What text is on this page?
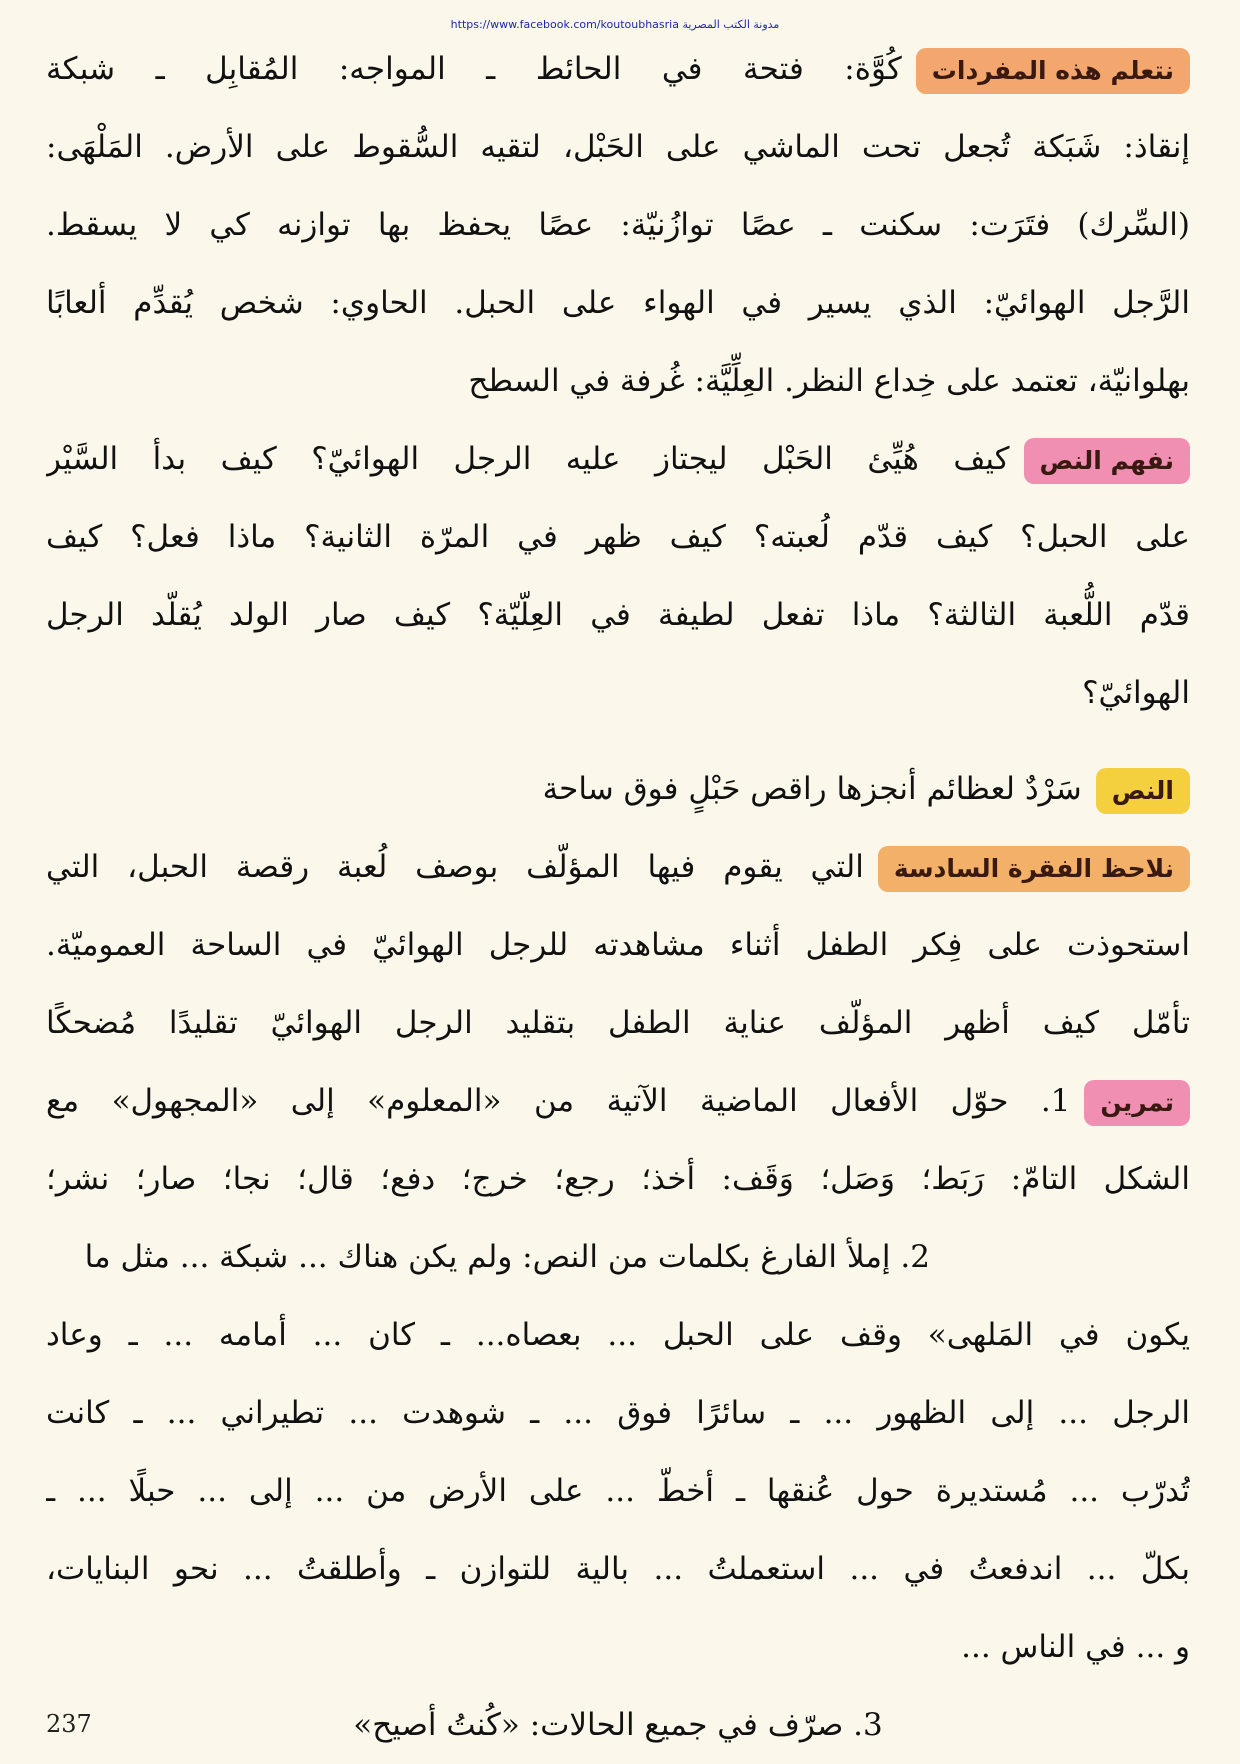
https://www.facebook.com/koutoubhasria مدونة الكتب المصرية
نتعلم هذه المفرداتكُوَّة: فتحة في الحائط ـ المواجه: المُقابِل ـ شبكة
إنقاذ: شَبَكة تُجعل تحت الماشي على الحَبْل، لتقيه السُّقوط على الأرض. المَلْهَى:
(السِّرك) فتَرَت: سكنت ـ عصًا توازُنيّة: عصًا يحفظ بها توازنه كي لا يسقط.
الرَّجل الهوائيّ: الذي يسير في الهواء على الحبل. الحاوي: شخص يُقدِّم ألعابًا
بهلوانيّة، تعتمد على خِداع النظر. العِلِّيَّة: غُرفة في السطح
نفهم النصكيف هُيِّئ الحَبْل ليجتاز عليه الرجل الهوائيّ؟ كيف بدأ السَّيْر
على الحبل؟ كيف قدّم لُعبته؟ كيف ظهر في المرّة الثانية؟ ماذا فعل؟ كيف
قدّم اللُّعبة الثالثة؟ ماذا تفعل لطيفة في العِلّيّة؟ كيف صار الولد يُقلّد الرجل
الهوائيّ؟
النصسَرْدٌ لعظائم أنجزها راقص حَبْلٍ فوق ساحة
نلاحظ الفقرة السادسةالتي يقوم فيها المؤلّف بوصف لُعبة رقصة الحبل، التي
استحوذت على فِكر الطفل أثناء مشاهدته للرجل الهوائيّ في الساحة العموميّة.
تأمّل كيف أظهر المؤلّف عناية الطفل بتقليد الرجل الهوائيّ تقليدًا مُضحكًا
تمرين1. حوّل الأفعال الماضية الآتية من «المعلوم» إلى «المجهول» مع
الشكل التامّ: رَبَط؛ وَصَل؛ وَقَف: أخذ؛ رجع؛ خرج؛ دفع؛ قال؛ نجا؛ صار؛ نشر؛
2. إملأ الفارغ بكلمات من النص: ولم يكن هناك ... شبكة ... مثل ما
يكون في المَلهى» وقف على الحبل ... بعصاه... ـ كان ... أمامه ... ـ وعاد
الرجل ... إلى الظهور ... ـ سائرًا فوق ... ـ شوهدت ... تطيراني ... ـ كانت
تُدرّب ... مُستديرة حول عُنقها ـ أخطّ ... على الأرض من ... إلى ... حبلًا ... ـ
بكلّ ... اندفعتُ في ... استعملتُ ... بالية للتوازن ـ وأطلقتُ ... نحو البنايات،
و ... في الناس ...
3. صرّف في جميع الحالات: «كُنتُ أصيح»
237
